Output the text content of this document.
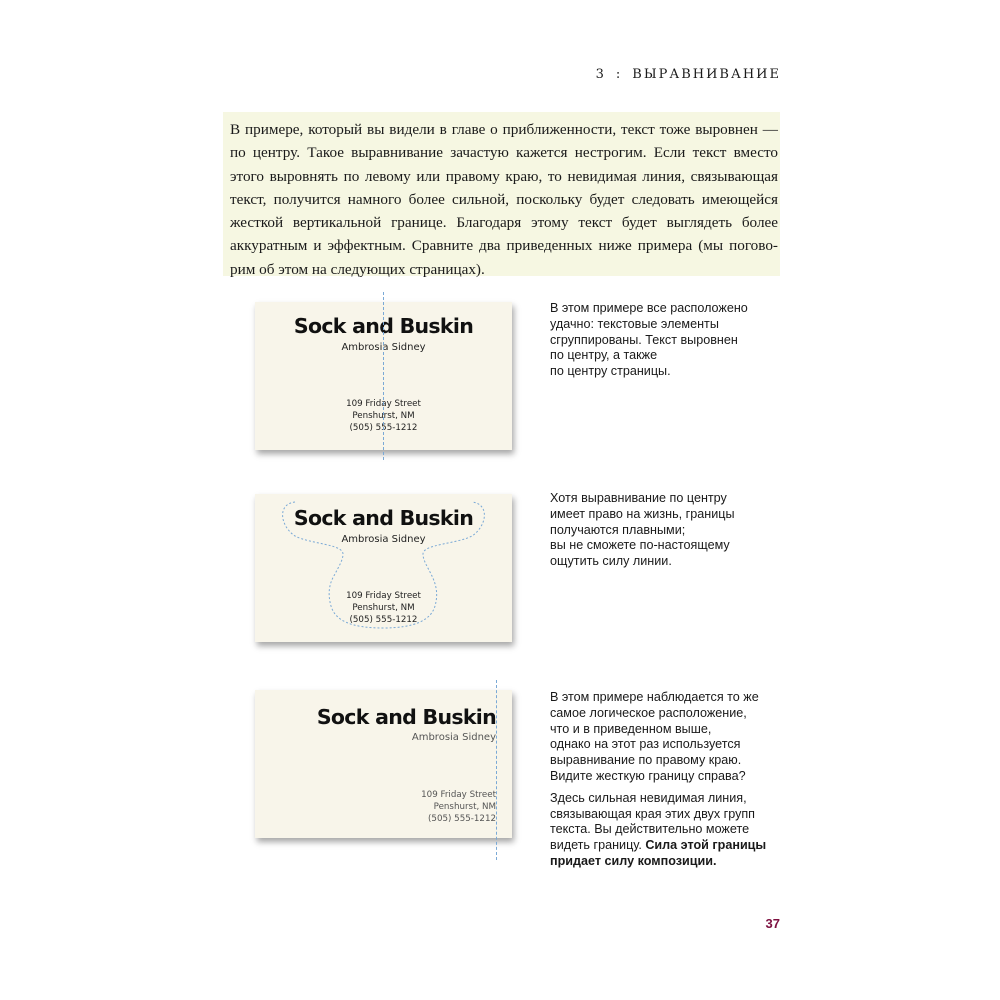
3 : ВЫРАВНИВАНИЕ
В примере, который вы видели в главе о приближенности, текст тоже выровнен —
по центру. Такое выравнивание зачастую кажется нестрогим. Если текст вместо
этого выровнять по левому или правому краю, то невидимая линия, связывающая
текст, получится намного более сильной, поскольку будет следовать имеющейся
жесткой вертикальной границе. Благодаря этому текст будет выглядеть более
аккуратным и эффектным. Сравните два приведенных ниже примера (мы погово-
рим об этом на следующих страницах).
Sock and Buskin
Ambrosia Sidney
109 Friday Street
Penshurst, NM
(505) 555-1212
В этом примере все расположено
удачно: текстовые элементы
сгруппированы. Текст выровнен
по центру, а также
по центру страницы.
Sock and Buskin
Ambrosia Sidney
109 Friday Street
Penshurst, NM
(505) 555-1212
Хотя выравнивание по центру
имеет право на жизнь, границы
получаются плавными;
вы не сможете по-настоящему
ощутить силу линии.
Sock and Buskin
Ambrosia Sidney
109 Friday Street
Penshurst, NM
(505) 555-1212

В этом примере наблюдается то же
самое логическое расположение,
что и в приведенном выше,
однако на этот раз используется
выравнивание по правому краю.
Видите жесткую границу справа?

Здесь сильная невидимая линия,
связывающая края этих двух групп
текста. Вы действительно можете
видеть границу. Сила этой границы
придает силу композиции.

37
